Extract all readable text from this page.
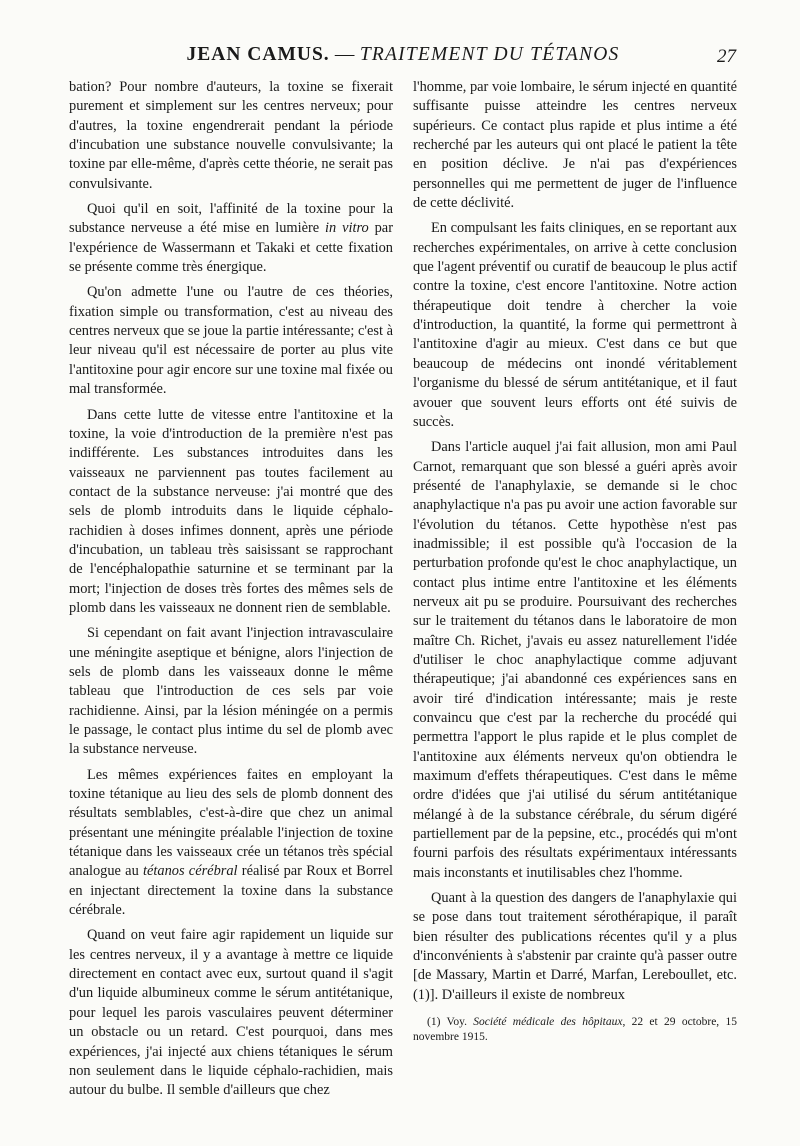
JEAN CAMUS. — TRAITEMENT DU TÉTANOS	27

bation? Pour nombre d'auteurs, la toxine se fixerait purement et simplement sur les centres nerveux; pour d'autres, la toxine engendrerait pendant la période d'incubation une substance nouvelle convulsivante; la toxine par elle-même, d'après cette théorie, ne serait pas convulsivante.

Quoi qu'il en soit, l'affinité de la toxine pour la substance nerveuse a été mise en lumière in vitro par l'expérience de Wassermann et Takaki et cette fixation se présente comme très énergique.

Qu'on admette l'une ou l'autre de ces théories, fixation simple ou transformation, c'est au niveau des centres nerveux que se joue la partie intéressante; c'est à leur niveau qu'il est nécessaire de porter au plus vite l'antitoxine pour agir encore sur une toxine mal fixée ou mal transformée.

Dans cette lutte de vitesse entre l'antitoxine et la toxine, la voie d'introduction de la première n'est pas indifférente. Les substances introduites dans les vaisseaux ne parviennent pas toutes facilement au contact de la substance nerveuse: j'ai montré que des sels de plomb introduits dans le liquide céphalo-rachidien à doses infimes donnent, après une période d'incubation, un tableau très saisissant se rapprochant de l'encéphalopathie saturnine et se terminant par la mort; l'injection de doses très fortes des mêmes sels de plomb dans les vaisseaux ne donnent rien de semblable.

Si cependant on fait avant l'injection intravasculaire une méningite aseptique et bénigne, alors l'injection de sels de plomb dans les vaisseaux donne le même tableau que l'introduction de ces sels par voie rachidienne. Ainsi, par la lésion méningée on a permis le passage, le contact plus intime du sel de plomb avec la substance nerveuse.

Les mêmes expériences faites en employant la toxine tétanique au lieu des sels de plomb donnent des résultats semblables, c'est-à-dire que chez un animal présentant une méningite préalable l'injection de toxine tétanique dans les vaisseaux crée un tétanos très spécial analogue au tétanos cérébral réalisé par Roux et Borrel en injectant directement la toxine dans la substance cérébrale.

Quand on veut faire agir rapidement un liquide sur les centres nerveux, il y a avantage à mettre ce liquide directement en contact avec eux, surtout quand il s'agit d'un liquide albumineux comme le sérum antitétanique, pour lequel les parois vasculaires peuvent déterminer un obstacle ou un retard. C'est pourquoi, dans mes expériences, j'ai injecté aux chiens tétaniques le sérum non seulement dans le liquide céphalo-rachidien, mais autour du bulbe. Il semble d'ailleurs que chez

l'homme, par voie lombaire, le sérum injecté en quantité suffisante puisse atteindre les centres nerveux supérieurs. Ce contact plus rapide et plus intime a été recherché par les auteurs qui ont placé le patient la tête en position déclive. Je n'ai pas d'expériences personnelles qui me permettent de juger de l'influence de cette déclivité.

En compulsant les faits cliniques, en se reportant aux recherches expérimentales, on arrive à cette conclusion que l'agent préventif ou curatif de beaucoup le plus actif contre la toxine, c'est encore l'antitoxine. Notre action thérapeutique doit tendre à chercher la voie d'introduction, la quantité, la forme qui permettront à l'antitoxine d'agir au mieux. C'est dans ce but que beaucoup de médecins ont inondé véritablement l'organisme du blessé de sérum antitétanique, et il faut avouer que souvent leurs efforts ont été suivis de succès.

Dans l'article auquel j'ai fait allusion, mon ami Paul Carnot, remarquant que son blessé a guéri après avoir présenté de l'anaphylaxie, se demande si le choc anaphylactique n'a pas pu avoir une action favorable sur l'évolution du tétanos. Cette hypothèse n'est pas inadmissible; il est possible qu'à l'occasion de la perturbation profonde qu'est le choc anaphylactique, un contact plus intime entre l'antitoxine et les éléments nerveux ait pu se produire. Poursuivant des recherches sur le traitement du tétanos dans le laboratoire de mon maître Ch. Richet, j'avais eu assez naturellement l'idée d'utiliser le choc anaphylactique comme adjuvant thérapeutique; j'ai abandonné ces expériences sans en avoir tiré d'indication intéressante; mais je reste convaincu que c'est par la recherche du procédé qui permettra l'apport le plus rapide et le plus complet de l'antitoxine aux éléments nerveux qu'on obtiendra le maximum d'effets thérapeutiques. C'est dans le même ordre d'idées que j'ai utilisé du sérum antitétanique mélangé à de la substance cérébrale, du sérum digéré partiellement par de la pepsine, etc., procédés qui m'ont fourni parfois des résultats expérimentaux intéressants mais inconstants et inutilisables chez l'homme.

Quant à la question des dangers de l'anaphylaxie qui se pose dans tout traitement sérothérapique, il paraît bien résulter des publications récentes qu'il y a plus d'inconvénients à s'abstenir par crainte qu'à passer outre [de Massary, Martin et Darré, Marfan, Lereboullet, etc. (1)]. D'ailleurs il existe de nombreux

(1) Voy. Société médicale des hôpitaux, 22 et 29 octobre, 15 novembre 1915.
